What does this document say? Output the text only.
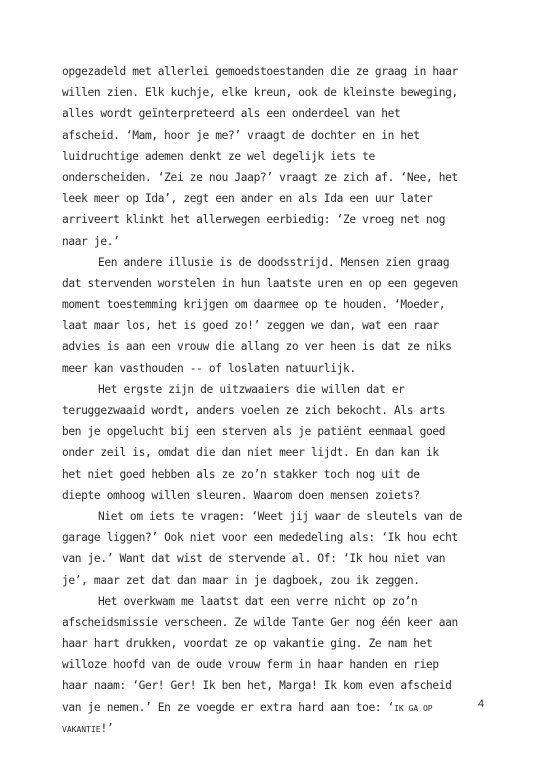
opgezadeld met allerlei gemoedstoestanden die ze graag in haar
willen zien. Elk kuchje, elke kreun, ook de kleinste beweging,
alles wordt geïnterpreteerd als een onderdeel van het
afscheid. ‘Mam, hoor je me?’ vraagt de dochter en in het
luidruchtige ademen denkt ze wel degelijk iets te
onderscheiden. ‘Zei ze nou Jaap?’ vraagt ze zich af. ‘Nee, het
leek meer op Ida’, zegt een ander en als Ida een uur later
arriveert klinkt het allerwegen eerbiedig: ‘Ze vroeg net nog
naar je.’
Een andere illusie is de doodsstrijd. Mensen zien graag
dat stervenden worstelen in hun laatste uren en op een gegeven
moment toestemming krijgen om daarmee op te houden. ‘Moeder,
laat maar los, het is goed zo!’ zeggen we dan, wat een raar
advies is aan een vrouw die allang zo ver heen is dat ze niks
meer kan vasthouden -- of loslaten natuurlijk.
Het ergste zijn de uitzwaaiers die willen dat er
teruggezwaaid wordt, anders voelen ze zich bekocht. Als arts
ben je opgelucht bij een sterven als je patiënt eenmaal goed
onder zeil is, omdat die dan niet meer lijdt. En dan kan ik
het niet goed hebben als ze zo’n stakker toch nog uit de
diepte omhoog willen sleuren. Waarom doen mensen zoiets?
Niet om iets te vragen: ‘Weet jij waar de sleutels van de
garage liggen?’ Ook niet voor een mededeling als: ‘Ik hou echt
van je.’ Want dat wist de stervende al. Of: ‘Ik hou niet van
je’, maar zet dat dan maar in je dagboek, zou ik zeggen.
Het overkwam me laatst dat een verre nicht op zo’n
afscheidsmissie verscheen. Ze wilde Tante Ger nog één keer aan
haar hart drukken, voordat ze op vakantie ging. Ze nam het
willoze hoofd van de oude vrouw ferm in haar handen en riep
haar naam: ‘Ger! Ger! Ik ben het, Marga! Ik kom even afscheid
van je nemen.’ En ze voegde er extra hard aan toe: ‘IK GA OP
VAKANTIE!’
4
